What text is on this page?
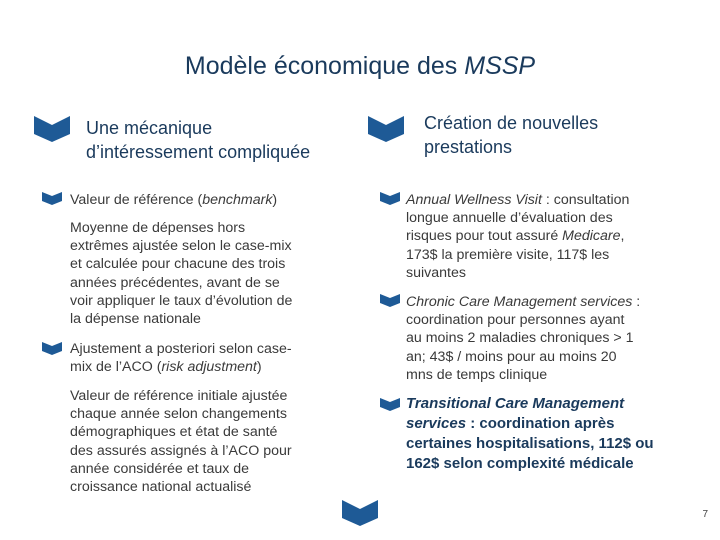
Modèle économique des MSSP
Une mécanique
d’intéressement compliquée
Création de nouvelles
prestations
Valeur de référence (benchmark)
Moyenne de dépenses hors
extrêmes ajustée selon le case-mix
et calculée pour chacune des trois
années précédentes, avant de se
voir appliquer le taux d’évolution de
la dépense nationale
Ajustement a posteriori selon case-
mix de l’ACO (risk adjustment)
Valeur de référence initiale ajustée
chaque année selon changements
démographiques et état de santé
des assurés assignés à l’ACO pour
année considérée et taux de
croissance national actualisé
Annual Wellness Visit : consultation
longue annuelle d’évaluation des
risques pour tout assuré Medicare,
173$ la première visite, 117$ les
suivantes
Chronic Care Management services :
coordination pour personnes ayant
au moins 2 maladies chroniques > 1
an; 43$ / moins pour au moins 20
mns de temps clinique
Transitional Care Management
services : coordination après
certaines hospitalisations, 112$ ou
162$ selon complexité médicale
7
